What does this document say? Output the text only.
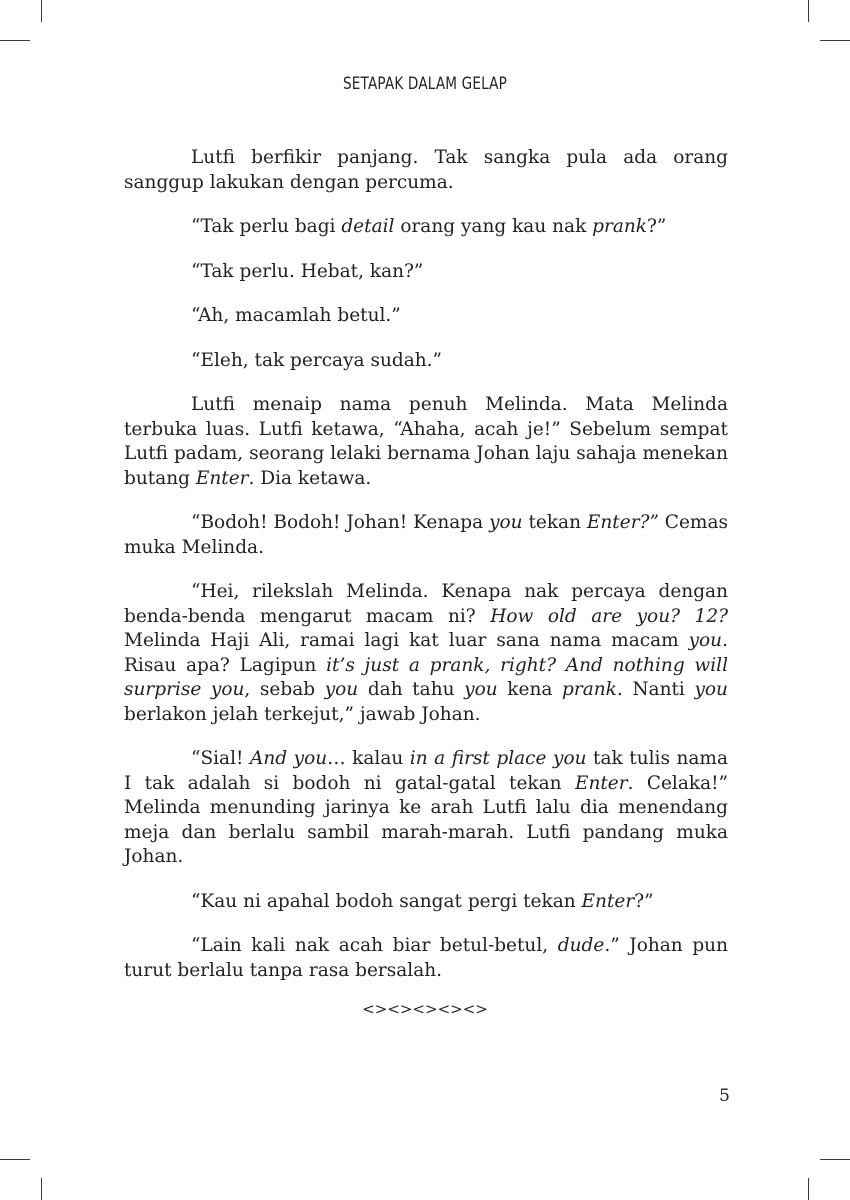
SETAPAK DALAM GELAP

Lutfi berfikir panjang. Tak sangka pula ada orang sanggup lakukan dengan percuma.

“Tak perlu bagi detail orang yang kau nak prank?”

“Tak perlu. Hebat, kan?”

“Ah, macamlah betul.”

“Eleh, tak percaya sudah.”

Lutfi menaip nama penuh Melinda. Mata Melinda terbuka luas. Lutfi ketawa, “Ahaha, acah je!” Sebelum sempat Lutfi padam, seorang lelaki bernama Johan laju sahaja menekan butang Enter. Dia ketawa.

“Bodoh! Bodoh! Johan! Kenapa you tekan Enter?” Cemas muka Melinda.

“Hei, rilekslah Melinda. Kenapa nak percaya dengan benda-benda mengarut macam ni? How old are you? 12? Melinda Haji Ali, ramai lagi kat luar sana nama macam you. Risau apa? Lagipun it’s just a prank, right? And nothing will surprise you, sebab you dah tahu you kena prank. Nanti you berlakon jelah terkejut,” jawab Johan.

“Sial! And you… kalau in a first place you tak tulis nama I tak adalah si bodoh ni gatal-gatal tekan Enter. Celaka!” Melinda menunding jarinya ke arah Lutfi lalu dia menendang meja dan berlalu sambil marah-marah. Lutfi pandang muka Johan.

“Kau ni apahal bodoh sangat pergi tekan Enter?”

“Lain kali nak acah biar betul-betul, dude.” Johan pun turut berlalu tanpa rasa bersalah.

<><><><><>
5
